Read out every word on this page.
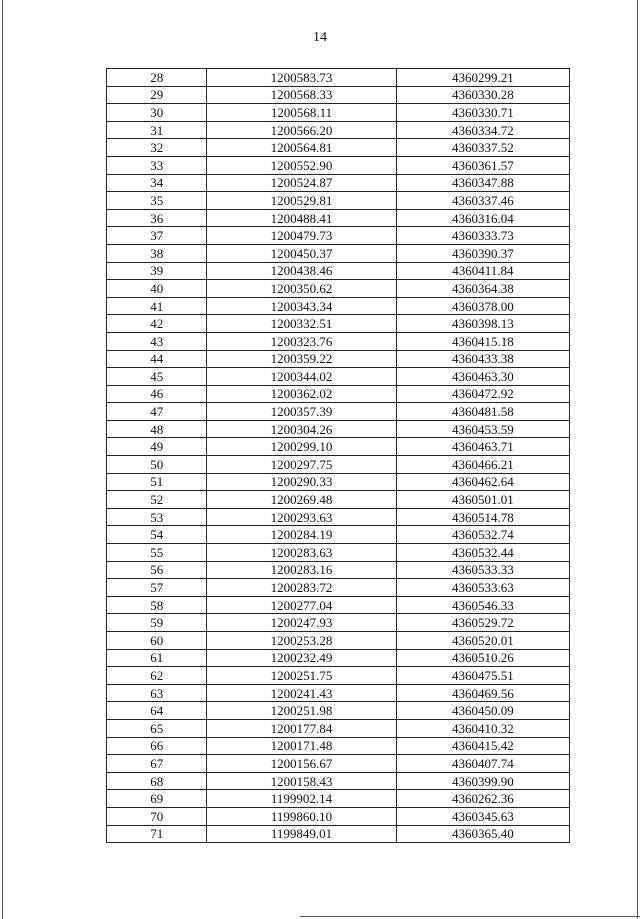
14
28	1200583.73	4360299.21
29	1200568.33	4360330.28
30	1200568.11	4360330.71
31	1200566.20	4360334.72
32	1200564.81	4360337.52
33	1200552.90	4360361.57
34	1200524.87	4360347.88
35	1200529.81	4360337.46
36	1200488.41	4360316.04
37	1200479.73	4360333.73
38	1200450.37	4360390.37
39	1200438.46	4360411.84
40	1200350.62	4360364.38
41	1200343.34	4360378.00
42	1200332.51	4360398.13
43	1200323.76	4360415.18
44	1200359.22	4360433.38
45	1200344.02	4360463.30
46	1200362.02	4360472.92
47	1200357.39	4360481.58
48	1200304.26	4360453.59
49	1200299.10	4360463.71
50	1200297.75	4360466.21
51	1200290.33	4360462.64
52	1200269.48	4360501.01
53	1200293.63	4360514.78
54	1200284.19	4360532.74
55	1200283.63	4360532.44
56	1200283.16	4360533.33
57	1200283.72	4360533.63
58	1200277.04	4360546.33
59	1200247.93	4360529.72
60	1200253.28	4360520.01
61	1200232.49	4360510.26
62	1200251.75	4360475.51
63	1200241.43	4360469.56
64	1200251.98	4360450.09
65	1200177.84	4360410.32
66	1200171.48	4360415.42
67	1200156.67	4360407.74
68	1200158.43	4360399.90
69	1199902.14	4360262.36
70	1199860.10	4360345.63
71	1199849.01	4360365.40
